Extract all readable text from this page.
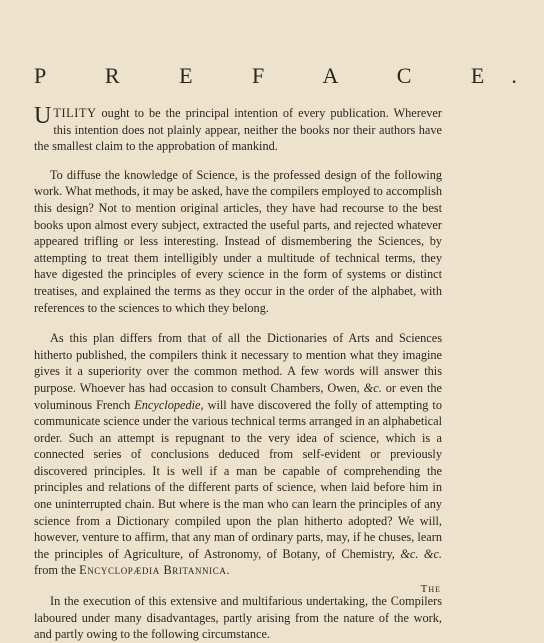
P R E F A C E.

UTILITY ought to be the principal intention of every publication. Wherever this intention does not plainly appear, neither the books nor their authors have the smallest claim to the approbation of mankind.

To diffuse the knowledge of Science, is the professed design of the following work. What methods, it may be asked, have the compilers employed to accomplish this design? Not to mention original articles, they have had recourse to the best books upon almost every subject, extracted the useful parts, and rejected whatever appeared trifling or less interesting. Instead of dismembering the Sciences, by attempting to treat them intelligibly under a multitude of technical terms, they have digested the principles of every science in the form of systems or distinct treatises, and explained the terms as they occur in the order of the alphabet, with references to the sciences to which they belong.

As this plan differs from that of all the Dictionaries of Arts and Sciences hitherto published, the compilers think it necessary to mention what they imagine gives it a superiority over the common method. A few words will answer this purpose. Whoever has had occasion to consult Chambers, Owen, &c. or even the voluminous French Encyclopedie, will have discovered the folly of attempting to communicate science under the various technical terms arranged in an alphabetical order. Such an attempt is repugnant to the very idea of science, which is a connected series of conclusions deduced from self-evident or previously discovered principles. It is well if a man be capable of comprehending the principles and relations of the different parts of science, when laid before him in one uninterrupted chain. But where is the man who can learn the principles of any science from a Dictionary compiled upon the plan hitherto adopted? We will, however, venture to affirm, that any man of ordinary parts, may, if he chuses, learn the principles of Agriculture, of Astronomy, of Botany, of Chemistry, &c. &c. from the Encyclopædia Britannica.

In the execution of this extensive and multifarious undertaking, the Compilers laboured under many disadvantages, partly arising from the nature of the work, and partly owing to the following circumstance.

The
